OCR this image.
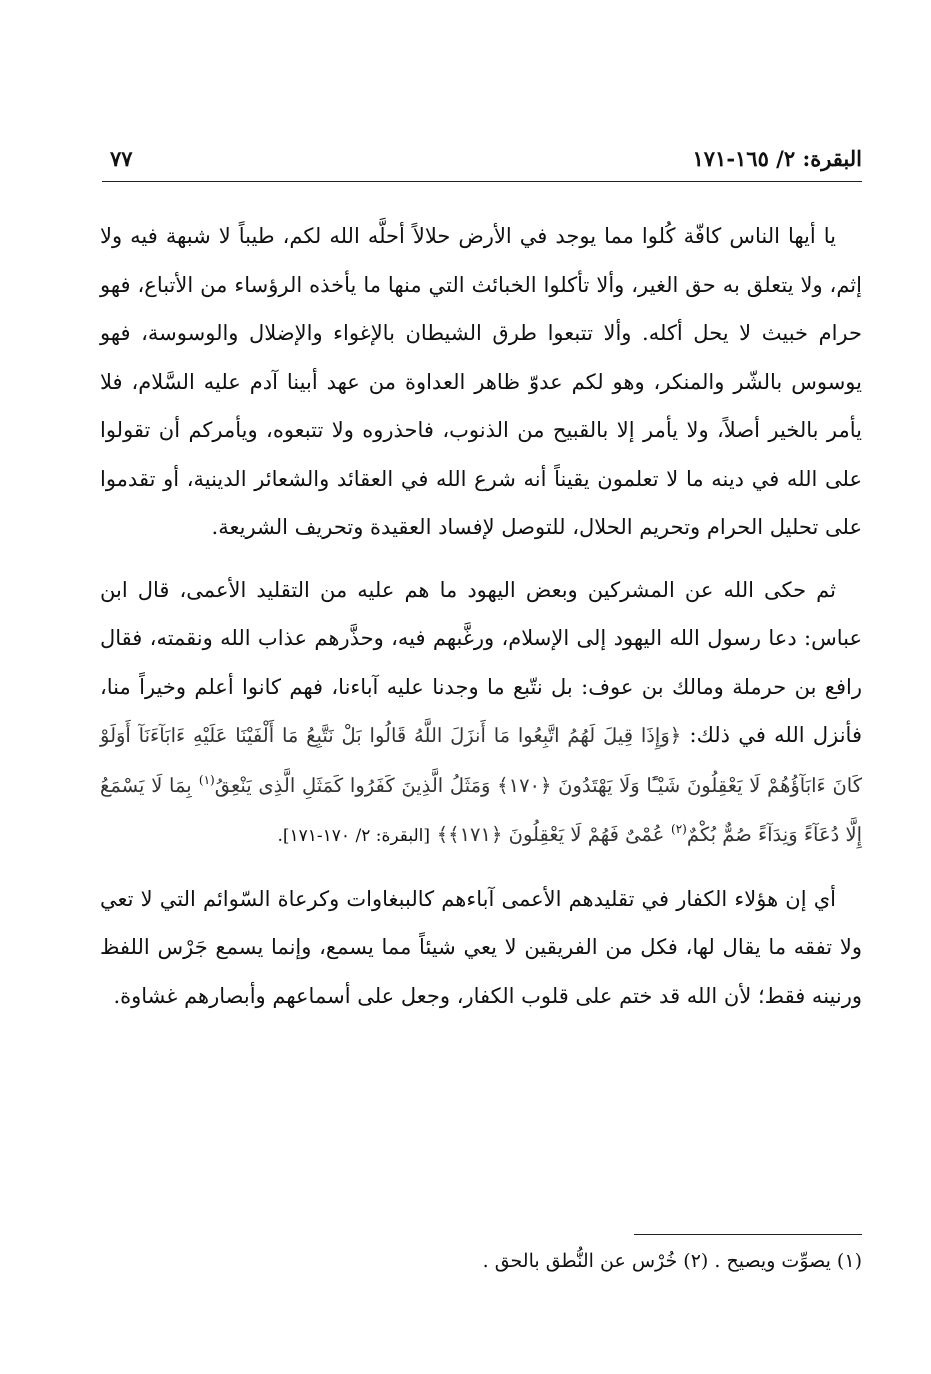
البقرة: ٢/ ١٦٥-١٧١
٧٧

يا أيها الناس كافّة كُلوا مما يوجد في الأرض حلالاً أحلَّه الله لكم، طيباً لا شبهة فيه ولا إثم، ولا يتعلق به حق الغير، وألا تأكلوا الخبائث التي منها ما يأخذه الرؤساء من الأتباع، فهو حرام خبيث لا يحل أكله. وألا تتبعوا طرق الشيطان بالإغواء والإضلال والوسوسة، فهو يوسوس بالشّر والمنكر، وهو لكم عدوّ ظاهر العداوة من عهد أبينا آدم عليه السَّلام، فلا يأمر بالخير أصلاً، ولا يأمر إلا بالقبيح من الذنوب، فاحذروه ولا تتبعوه، ويأمركم أن تقولوا على الله في دينه ما لا تعلمون يقيناً أنه شرع الله في العقائد والشعائر الدينية، أو تقدموا على تحليل الحرام وتحريم الحلال، للتوصل لإفساد العقيدة وتحريف الشريعة.

ثم حكى الله عن المشركين وبعض اليهود ما هم عليه من التقليد الأعمى، قال ابن عباس: دعا رسول الله اليهود إلى الإسلام، ورغَّبهم فيه، وحذَّرهم عذاب الله ونقمته، فقال رافع بن حرملة ومالك بن عوف: بل نتّبع ما وجدنا عليه آباءنا، فهم كانوا أعلم وخيراً منا، فأنزل الله في ذلك: ﴿وَإِذَا قِيلَ لَهُمُ اتَّبِعُوا مَا أَنزَلَ اللَّهُ قَالُوا بَلْ نَتَّبِعُ مَا أَلْفَيْنَا عَلَيْهِ ءَابَآءَنَآ أَوَلَوْ كَانَ ءَابَآؤُهُمْ لَا يَعْقِلُونَ شَيْـًٔا وَلَا يَهْتَدُونَ ﴿١٧٠﴾ وَمَثَلُ الَّذِينَ كَفَرُوا كَمَثَلِ الَّذِى يَنْعِقُ$^{(١)}$ بِمَا لَا يَسْمَعُ إِلَّا دُعَآءً وَنِدَآءً صُمٌّ بُكْمٌ$^{(٢)}$ عُمْىٌ فَهُمْ لَا يَعْقِلُونَ ﴿١٧١﴾﴾ [البقرة: ٢/ ١٧٠-١٧١].

أي إن هؤلاء الكفار في تقليدهم الأعمى آباءهم كالببغاوات وكرعاة السّوائم التي لا تعي ولا تفقه ما يقال لها، فكل من الفريقين لا يعي شيئاً مما يسمع، وإنما يسمع جَرْس اللفظ ورنينه فقط؛ لأن الله قد ختم على قلوب الكفار، وجعل على أسماعهم وأبصارهم غشاوة.

(١) يصوِّت ويصيح . (٢) خُرْس عن النُّطق بالحق .
